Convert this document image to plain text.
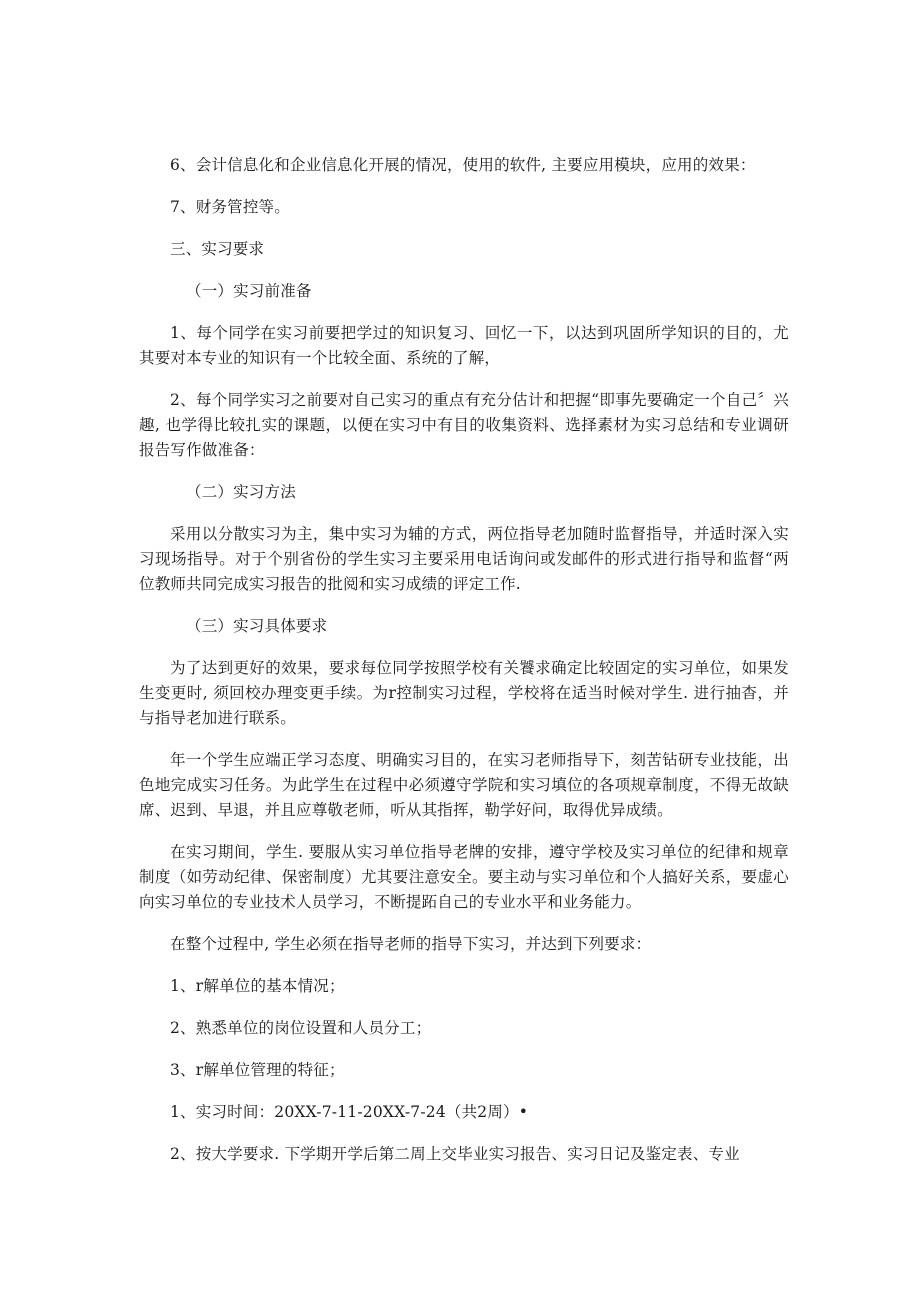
6、会计信息化和企业信息化开展的情况，使用的软件, 主要应用模块，应用的效果：

7、财务管控等。

三、实习要求

（一）实习前准备

1、每个同学在实习前要把学过的知识复习、回忆一下，以达到巩固所学知识的目的，尤其要对本专业的知识有一个比较全面、系统的了解，

2、每个同学实习之前要对自己实习的重点有充分估计和把握“即事先要确定一个自己〞兴趣, 也学得比较扎实的课题，以便在实习中有目的收集资料、选择素材为实习总结和专业调研报告写作做准备：

（二）实习方法

采用以分散实习为主，集中实习为辅的方式，两位指导老加随时监督指导，并适时深入实习现场指导。对于个别省份的学生实习主要采用电话询问或发邮件的形式进行指导和监督“两位教师共同完成实习报告的批阅和实习成绩的评定工作.

（三）实习具体要求

为了达到更好的效果，要求每位同学按照学校有关饕求确定比较固定的实习单位，如果发生变更时, 须回校办理变更手续。为r控制实习过程，学校将在适当时候对学生. 进行抽杳，并与指导老加进行联系。

年一个学生应端正学习态度、明确实习目的，在实习老师指导下，刻苦钻研专业技能，出色地完成实习任务。为此学生在过程中必须遵守学院和实习填位的各项规章制度，不得无故缺席、迟到、早退，并且应尊敬老师，听从其指挥，勒学好问，取得优异成绩。

在实习期间，学生. 要服从实习单位指导老牌的安排，遵守学校及实习单位的纪律和规章制度（如劳动纪律、保密制度）尤其要注意安全。要主动与实习单位和个人搞好关系，要虚心向实习单位的专业技术人员学习，不断提跖自己的专业水平和业务能力。

在整个过程中, 学生必须在指导老师的指导下实习，并达到下列要求：

1、r解单位的基本情况；

2、熟悉单位的岗位设置和人员分工；

3、r解单位管理的特征；

1、实习时间：20XX-7-11-20XX-7-24（共2周）•

2、按大学要求. 下学期开学后第二周上交毕业实习报告、实习日记及鉴定表、专业
